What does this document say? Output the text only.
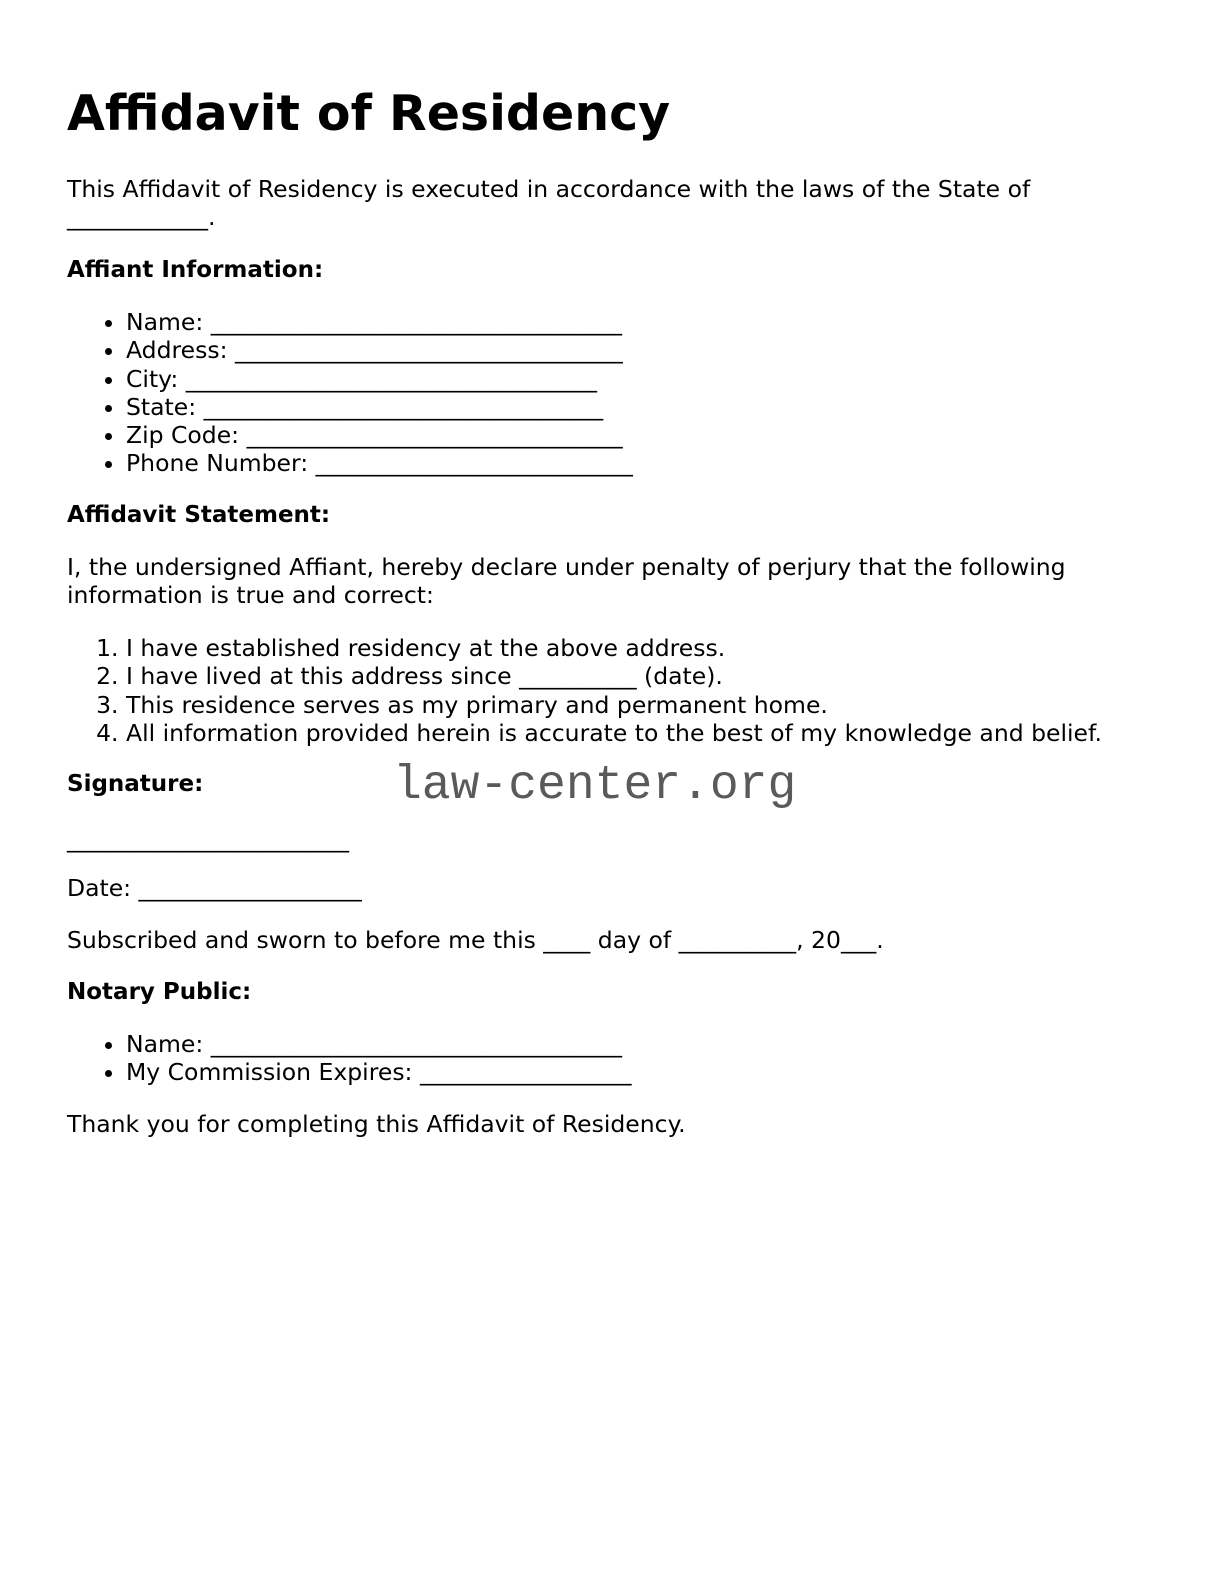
Affidavit of Residency

This Affidavit of Residency is executed in accordance with the laws of the State of ____________.

Affiant Information:

• Name: ___________________________________
• Address: _________________________________
• City: ___________________________________
• State: __________________________________
• Zip Code: ________________________________
• Phone Number: ___________________________

Affidavit Statement:

I, the undersigned Affiant, hereby declare under penalty of perjury that the following information is true and correct:

1. I have established residency at the above address.
2. I have lived at this address since __________ (date).
3. This residence serves as my primary and permanent home.
4. All information provided herein is accurate to the best of my knowledge and belief.

Signature:

________________________

Date: ___________________

Subscribed and sworn to before me this ____ day of __________, 20___.

Notary Public:

• Name: ___________________________________
• My Commission Expires: __________________

Thank you for completing this Affidavit of Residency.

law-center.org
